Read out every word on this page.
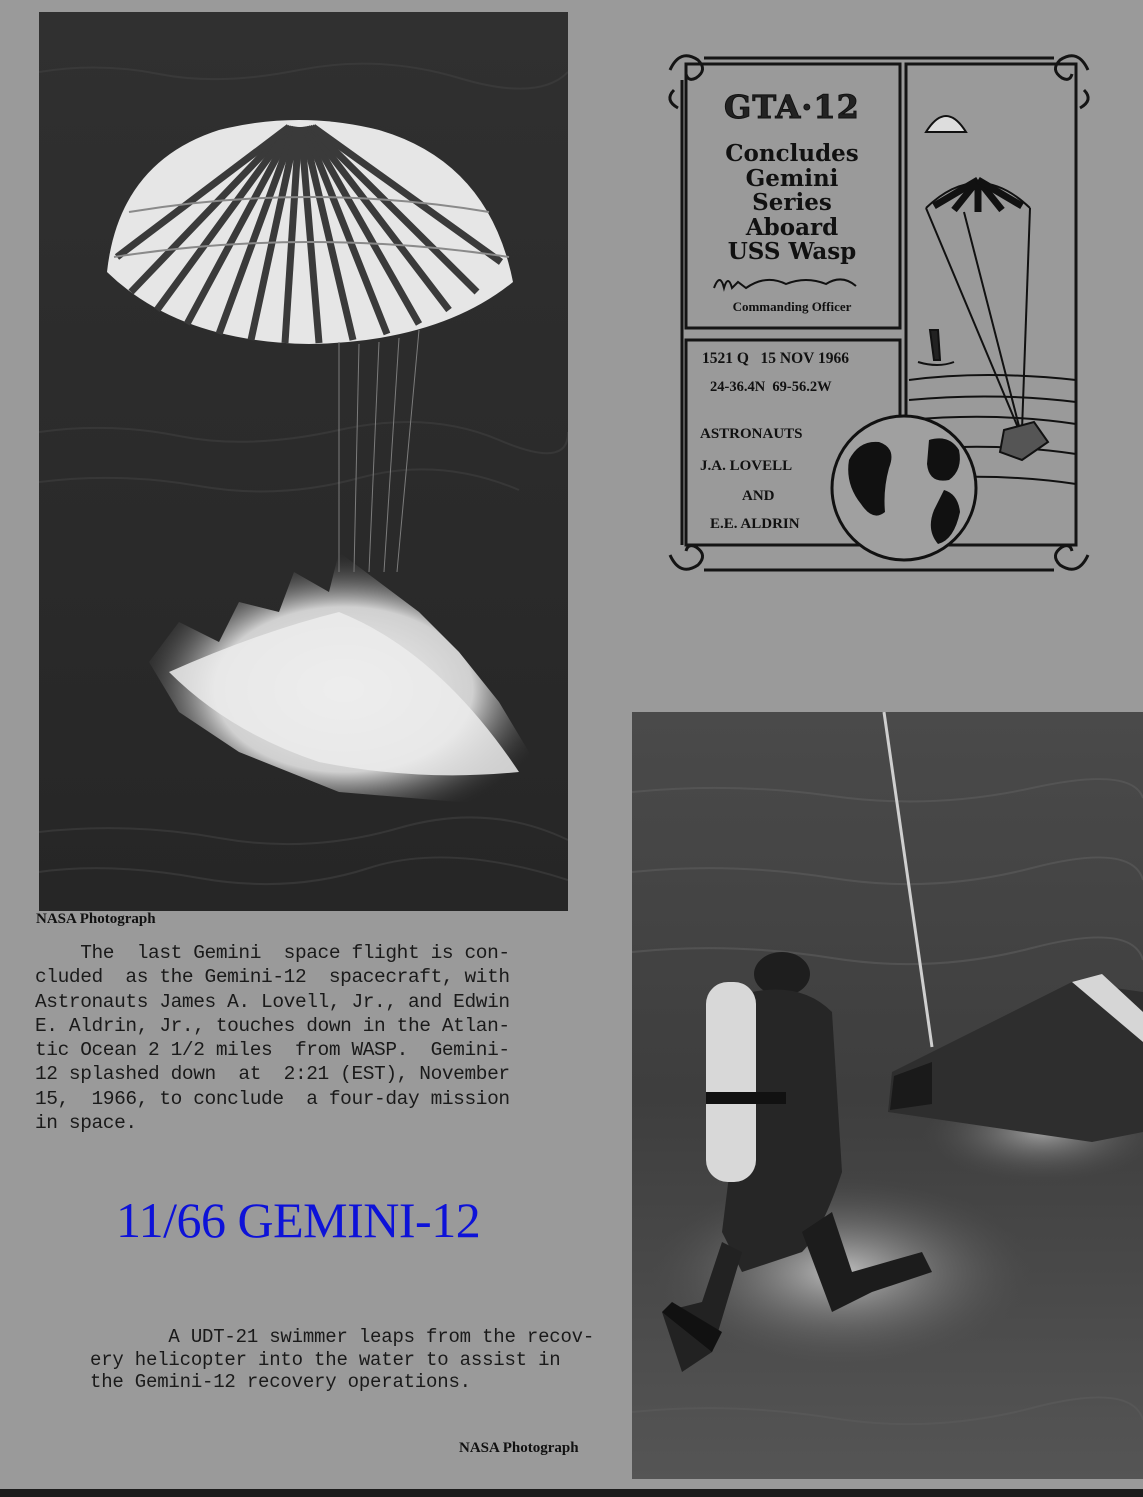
NASA Photograph
The  last Gemini  space flight is con-
cluded  as the Gemini-12  spacecraft, with
Astronauts James A. Lovell, Jr., and Edwin
E. Aldrin, Jr., touches down in the Atlan-
tic Ocean 2 1/2 miles  from WASP.  Gemini-
12 splashed down  at  2:21 (EST), November
15,  1966, to conclude  a four-day mission
in space.
11/66 GEMINI-12
GTA·12
Concludes
Gemini
Series
Aboard
USS Wasp
Commanding Officer
1521 Q   15 NOV 1966
24-36.4N  69-56.2W
ASTRONAUTS
J.A. LOVELL
AND
E.E. ALDRIN
A UDT-21 swimmer leaps from the recov-
ery helicopter into the water to assist in
the Gemini-12 recovery operations.
NASA Photograph
